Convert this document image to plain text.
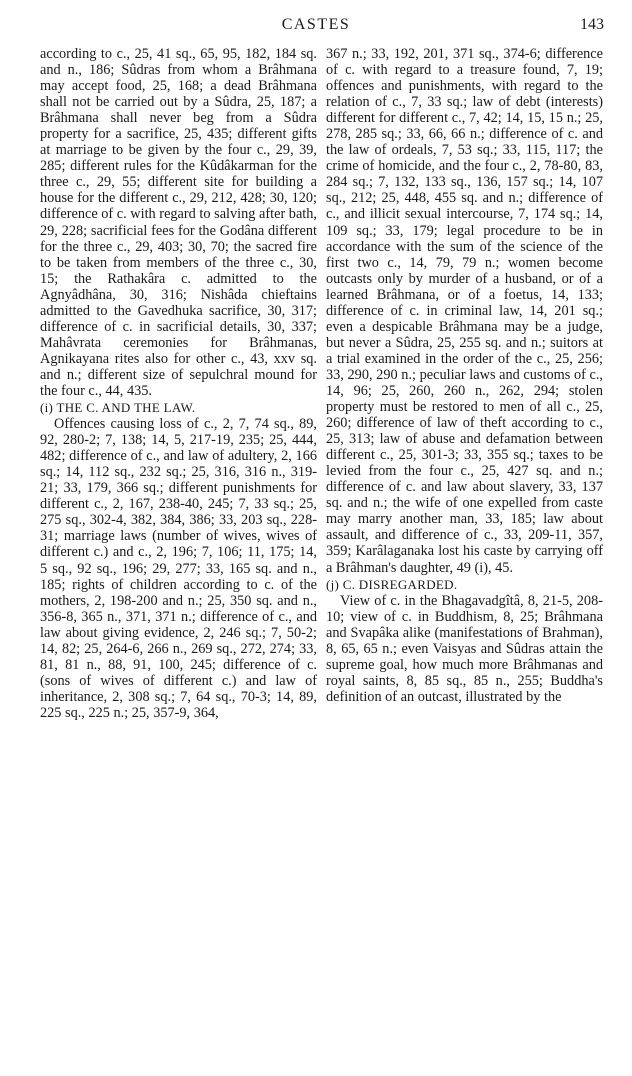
CASTES	143

according to c., 25, 41 sq., 65, 95, 182, 184 sq. and n., 186; Sûdras from whom a Brâhmana may accept food, 25, 168; a dead Brâhmana shall not be carried out by a Sûdra, 25, 187; a Brâhmana shall never beg from a Sûdra property for a sacrifice, 25, 435; different gifts at marriage to be given by the four c., 29, 39, 285; different rules for the Kûdâkarman for the three c., 29, 55; different site for building a house for the different c., 29, 212, 428; 30, 120; difference of c. with regard to salving after bath, 29, 228; sacrificial fees for the Godâna different for the three c., 29, 403; 30, 70; the sacred fire to be taken from members of the three c., 30, 15; the Rathakâra c. admitted to the Agnyâdhâna, 30, 316; Nishâda chieftains admitted to the Gavedhuka sacrifice, 30, 317; difference of c. in sacrificial details, 30, 337; Mahâvrata ceremonies for Brâhmanas, Agnikayana rites also for other c., 43, xxv sq. and n.; different size of sepulchral mound for the four c., 44, 435.

(i) THE C. AND THE LAW.

Offences causing loss of c., 2, 7, 74 sq., 89, 92, 280-2; 7, 138; 14, 5, 217-19, 235; 25, 444, 482; difference of c., and law of adultery, 2, 166 sq.; 14, 112 sq., 232 sq.; 25, 316, 316 n., 319-21; 33, 179, 366 sq.; different punishments for different c., 2, 167, 238-40, 245; 7, 33 sq.; 25, 275 sq., 302-4, 382, 384, 386; 33, 203 sq., 228-31; marriage laws (number of wives, wives of different c.) and c., 2, 196; 7, 106; 11, 175; 14, 5 sq., 92 sq., 196; 29, 277; 33, 165 sq. and n., 185; rights of children according to c. of the mothers, 2, 198-200 and n.; 25, 350 sq. and n., 356-8, 365 n., 371, 371 n.; difference of c., and law about giving evidence, 2, 246 sq.; 7, 50-2; 14, 82; 25, 264-6, 266 n., 269 sq., 272, 274; 33, 81, 81 n., 88, 91, 100, 245; difference of c. (sons of wives of different c.) and law of inheritance, 2, 308 sq.; 7, 64 sq., 70-3; 14, 89, 225 sq., 225 n.; 25, 357-9, 364,

367 n.; 33, 192, 201, 371 sq., 374-6; difference of c. with regard to a treasure found, 7, 19; offences and punishments, with regard to the relation of c., 7, 33 sq.; law of debt (interests) different for different c., 7, 42; 14, 15, 15 n.; 25, 278, 285 sq.; 33, 66, 66 n.; difference of c. and the law of ordeals, 7, 53 sq.; 33, 115, 117; the crime of homicide, and the four c., 2, 78-80, 83, 284 sq.; 7, 132, 133 sq., 136, 157 sq.; 14, 107 sq., 212; 25, 448, 455 sq. and n.; difference of c., and illicit sexual intercourse, 7, 174 sq.; 14, 109 sq.; 33, 179; legal procedure to be in accordance with the sum of the science of the first two c., 14, 79, 79 n.; women become outcasts only by murder of a husband, or of a learned Brâhmana, or of a foetus, 14, 133; difference of c. in criminal law, 14, 201 sq.; even a despicable Brâhmana may be a judge, but never a Sûdra, 25, 255 sq. and n.; suitors at a trial examined in the order of the c., 25, 256; 33, 290, 290 n.; peculiar laws and customs of c., 14, 96; 25, 260, 260 n., 262, 294; stolen property must be restored to men of all c., 25, 260; difference of law of theft according to c., 25, 313; law of abuse and defamation between different c., 25, 301-3; 33, 355 sq.; taxes to be levied from the four c., 25, 427 sq. and n.; difference of c. and law about slavery, 33, 137 sq. and n.; the wife of one expelled from caste may marry another man, 33, 185; law about assault, and difference of c., 33, 209-11, 357, 359; Karâlaganaka lost his caste by carrying off a Brâhman's daughter, 49 (i), 45.

(j) C. DISREGARDED.

View of c. in the Bhagavadgîtâ, 8, 21-5, 208-10; view of c. in Buddhism, 8, 25; Brâhmana and Svapâka alike (manifestations of Brahman), 8, 65, 65 n.; even Vaisyas and Sûdras attain the supreme goal, how much more Brâhmanas and royal saints, 8, 85 sq., 85 n., 255; Buddha's definition of an outcast, illustrated by the
